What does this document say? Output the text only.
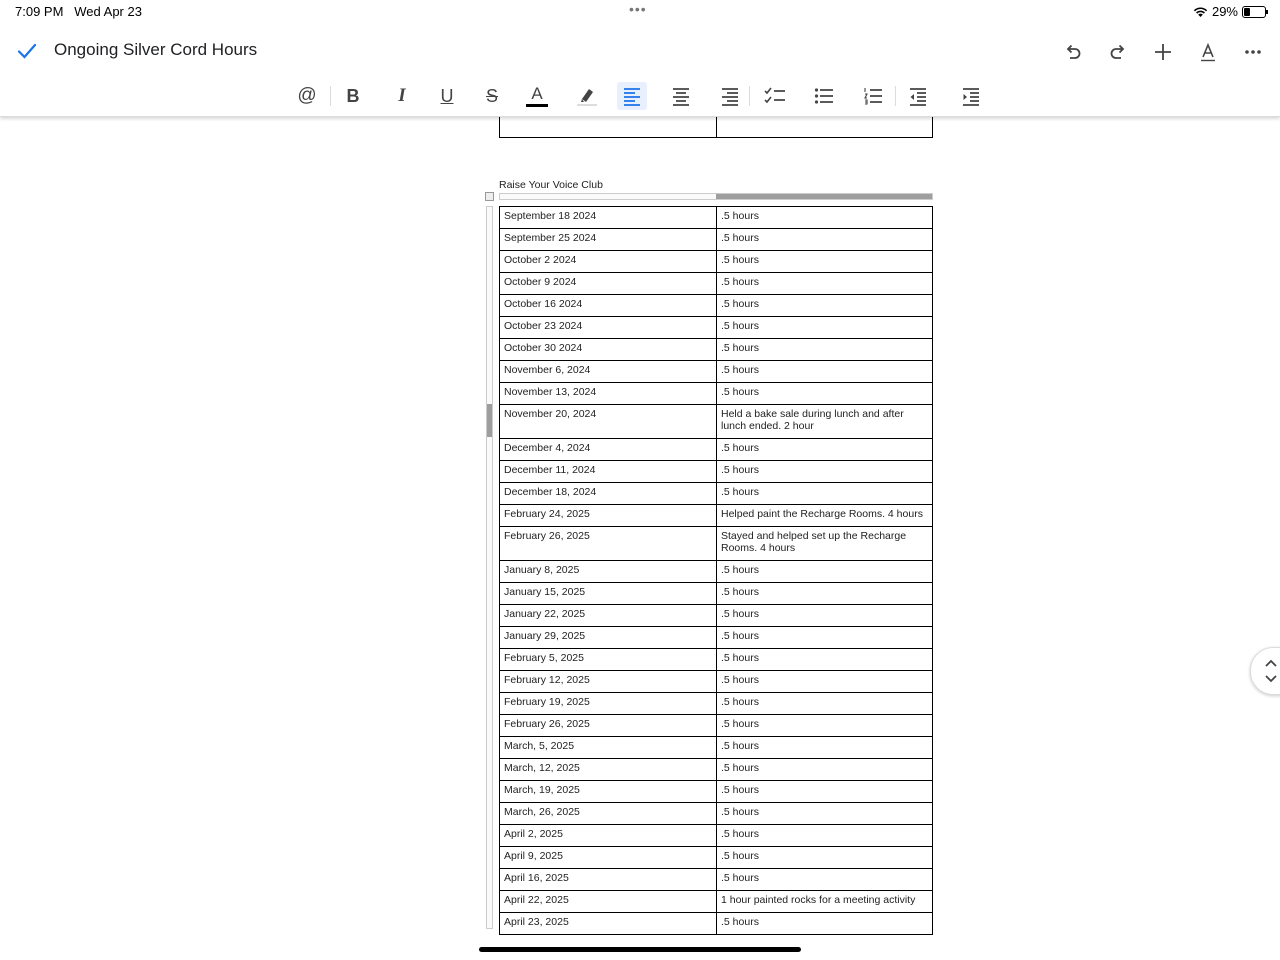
7:09 PM Wed Apr 23	•••	29%
Ongoing Silver Cord Hours
@ B I U S A

Raise Your Voice Club
September 18 2024	.5 hours
September 25 2024	.5 hours
October 2 2024	.5 hours
October 9 2024	.5 hours
October 16 2024	.5 hours
October 23 2024	.5 hours
October 30 2024	.5 hours
November 6, 2024	.5 hours
November 13, 2024	.5 hours
November 20, 2024	Held a bake sale during lunch and after lunch ended. 2 hour
December 4, 2024	.5 hours
December 11, 2024	.5 hours
December 18, 2024	.5 hours
February 24, 2025	Helped paint the Recharge Rooms. 4 hours
February 26, 2025	Stayed and helped set up the Recharge Rooms. 4 hours
January 8, 2025	.5 hours
January 15, 2025	.5 hours
January 22, 2025	.5 hours
January 29, 2025	.5 hours
February 5, 2025	.5 hours
February 12, 2025	.5 hours
February 19, 2025	.5 hours
February 26, 2025	.5 hours
March, 5, 2025	.5 hours
March, 12, 2025	.5 hours
March, 19, 2025	.5 hours
March, 26, 2025	.5 hours
April 2, 2025	.5 hours
April 9, 2025	.5 hours
April 16, 2025	.5 hours
April 22, 2025	1 hour painted rocks for a meeting activity
April 23, 2025	.5 hours
